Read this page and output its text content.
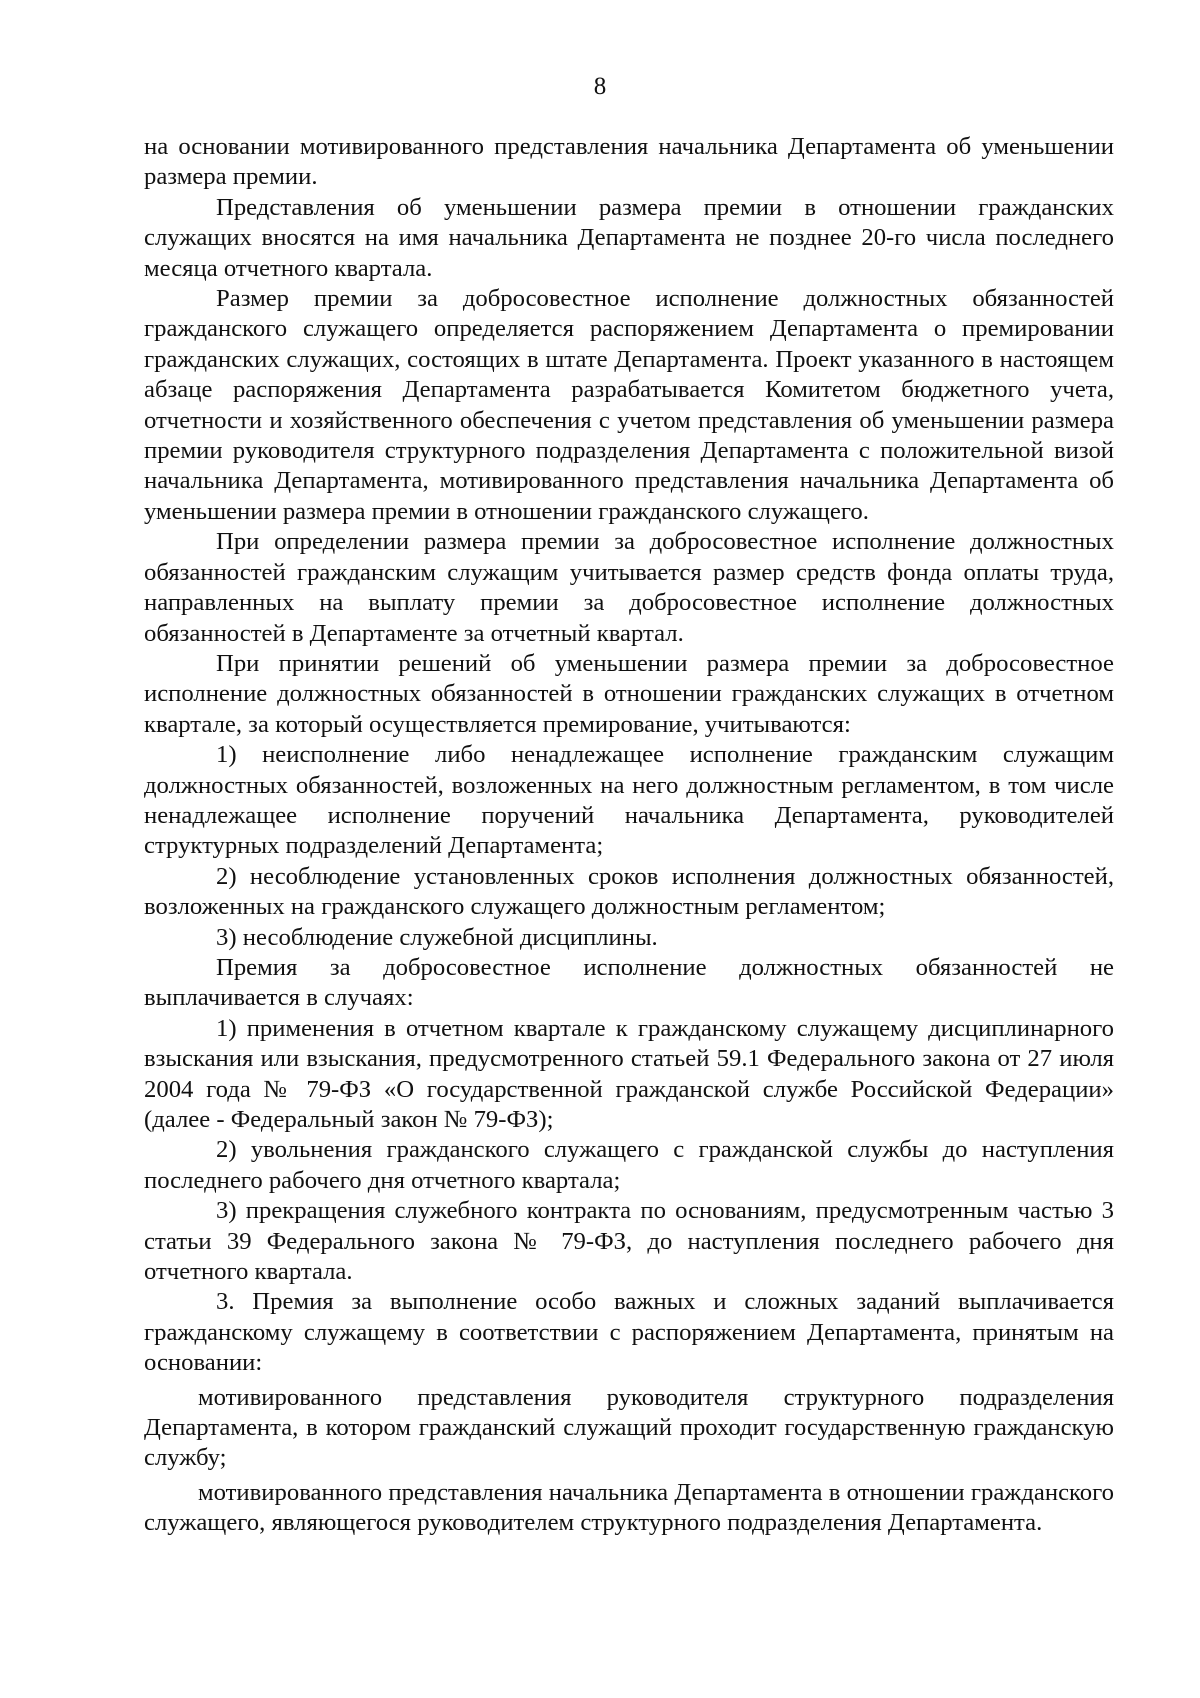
8

на основании мотивированного представления начальника Департамента об уменьшении размера премии.

Представления об уменьшении размера премии в отношении гражданских служащих вносятся на имя начальника Департамента не позднее 20-го числа последнего месяца отчетного квартала.

Размер премии за добросовестное исполнение должностных обязанностей гражданского служащего определяется распоряжением Департамента о премировании гражданских служащих, состоящих в штате Департамента. Проект указанного в настоящем абзаце распоряжения Департамента разрабатывается Комитетом бюджетного учета, отчетности и хозяйственного обеспечения с учетом представления об уменьшении размера премии руководителя структурного подразделения Департамента с положительной визой начальника Департамента, мотивированного представления начальника Департамента об уменьшении размера премии в отношении гражданского служащего.

При определении размера премии за добросовестное исполнение должностных обязанностей гражданским служащим учитывается размер средств фонда оплаты труда, направленных на выплату премии за добросовестное исполнение должностных обязанностей в Департаменте за отчетный квартал.

При принятии решений об уменьшении размера премии за добросовестное исполнение должностных обязанностей в отношении гражданских служащих в отчетном квартале, за который осуществляется премирование, учитываются:

1) неисполнение либо ненадлежащее исполнение гражданским служащим должностных обязанностей, возложенных на него должностным регламентом, в том числе ненадлежащее исполнение поручений начальника Департамента, руководителей структурных подразделений Департамента;

2) несоблюдение установленных сроков исполнения должностных обязанностей, возложенных на гражданского служащего должностным регламентом;

3) несоблюдение служебной дисциплины.

Премия за добросовестное исполнение должностных обязанностей не выплачивается в случаях:

1) применения в отчетном квартале к гражданскому служащему дисциплинарного взыскания или взыскания, предусмотренного статьей 59.1 Федерального закона от 27 июля 2004 года № 79-ФЗ «О государственной гражданской службе Российской Федерации» (далее - Федеральный закон № 79-ФЗ);

2) увольнения гражданского служащего с гражданской службы до наступления последнего рабочего дня отчетного квартала;

3) прекращения служебного контракта по основаниям, предусмотренным частью 3 статьи 39 Федерального закона № 79-ФЗ, до наступления последнего рабочего дня отчетного квартала.

3. Премия за выполнение особо важных и сложных заданий выплачивается гражданскому служащему в соответствии с распоряжением Департамента, принятым на основании:

мотивированного представления руководителя структурного подразделения Департамента, в котором гражданский служащий проходит государственную гражданскую службу;

мотивированного представления начальника Департамента в отношении гражданского служащего, являющегося руководителем структурного подразделения Департамента.
